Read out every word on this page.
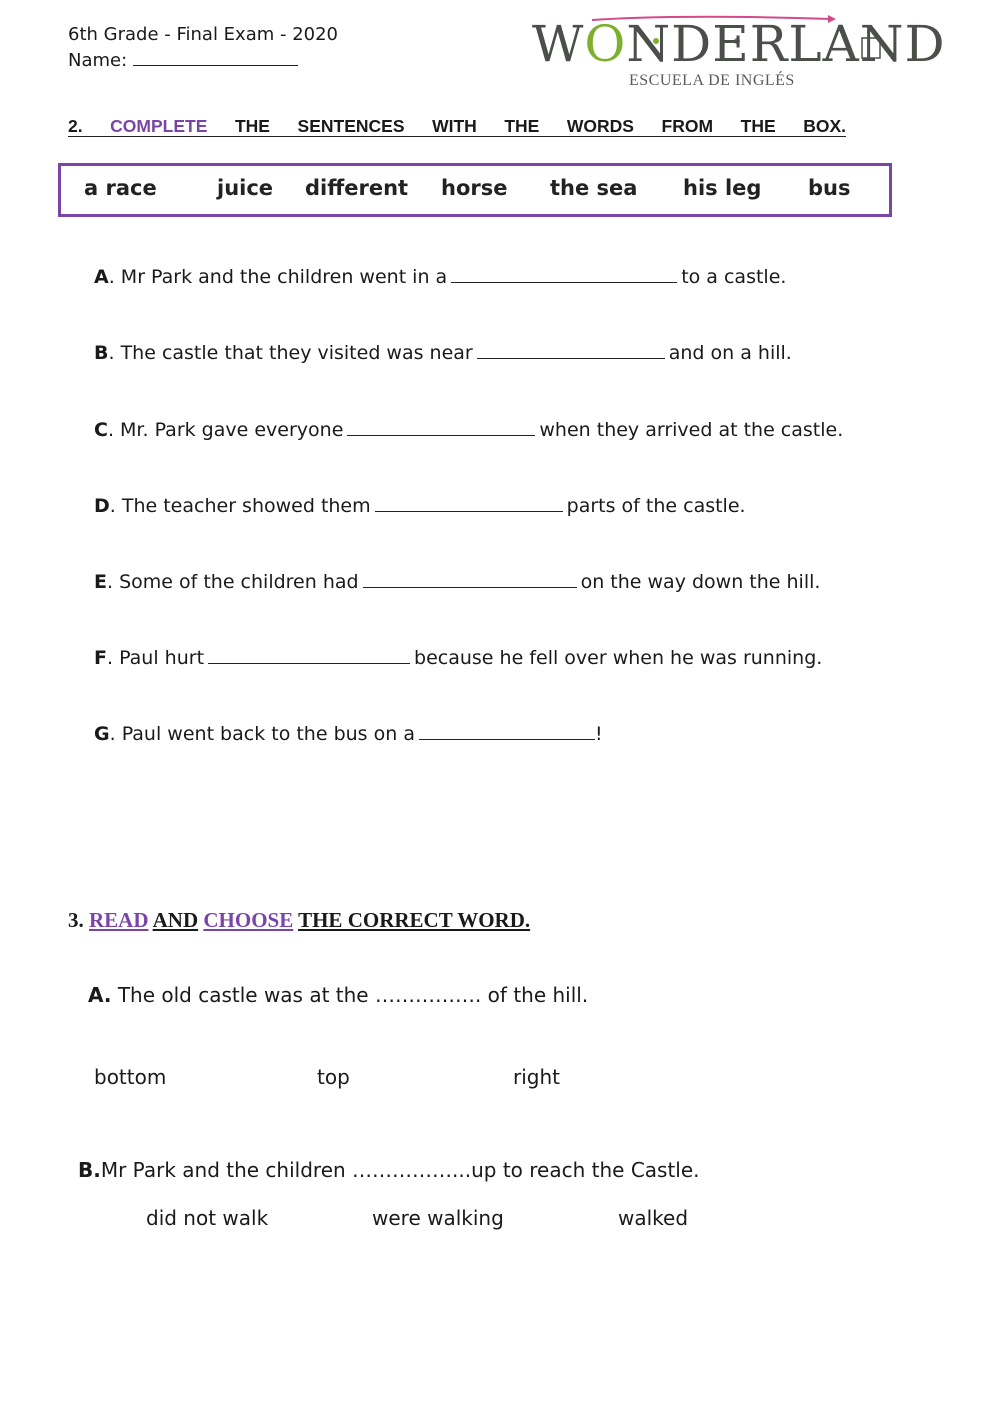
6th Grade - Final Exam - 2020
Name:	WONDERLAND
ESCUELA DE INGLÉS
2. COMPLETE THE SENTENCES WITH THE WORDS FROM THE BOX.
a race	juice different horse the sea his leg bus
A. Mr Park and the children went in a	to a castle.
B. The castle that they visited was near	and on a hill.
C. Mr. Park gave everyone	when they arrived at the castle.
D. The teacher showed them	parts of the castle.
E. Some of the children had	on the way down the hill.
F. Paul hurt	because he fell over when he was running.
G. Paul went back to the bus on a	!
3. READ AND CHOOSE THE CORRECT WORD.
A. The old castle was at the ……………. of the hill.
bottom	top	right
B.Mr Park and the children ……………...up to reach the Castle.
did not walk	were walking	walked
